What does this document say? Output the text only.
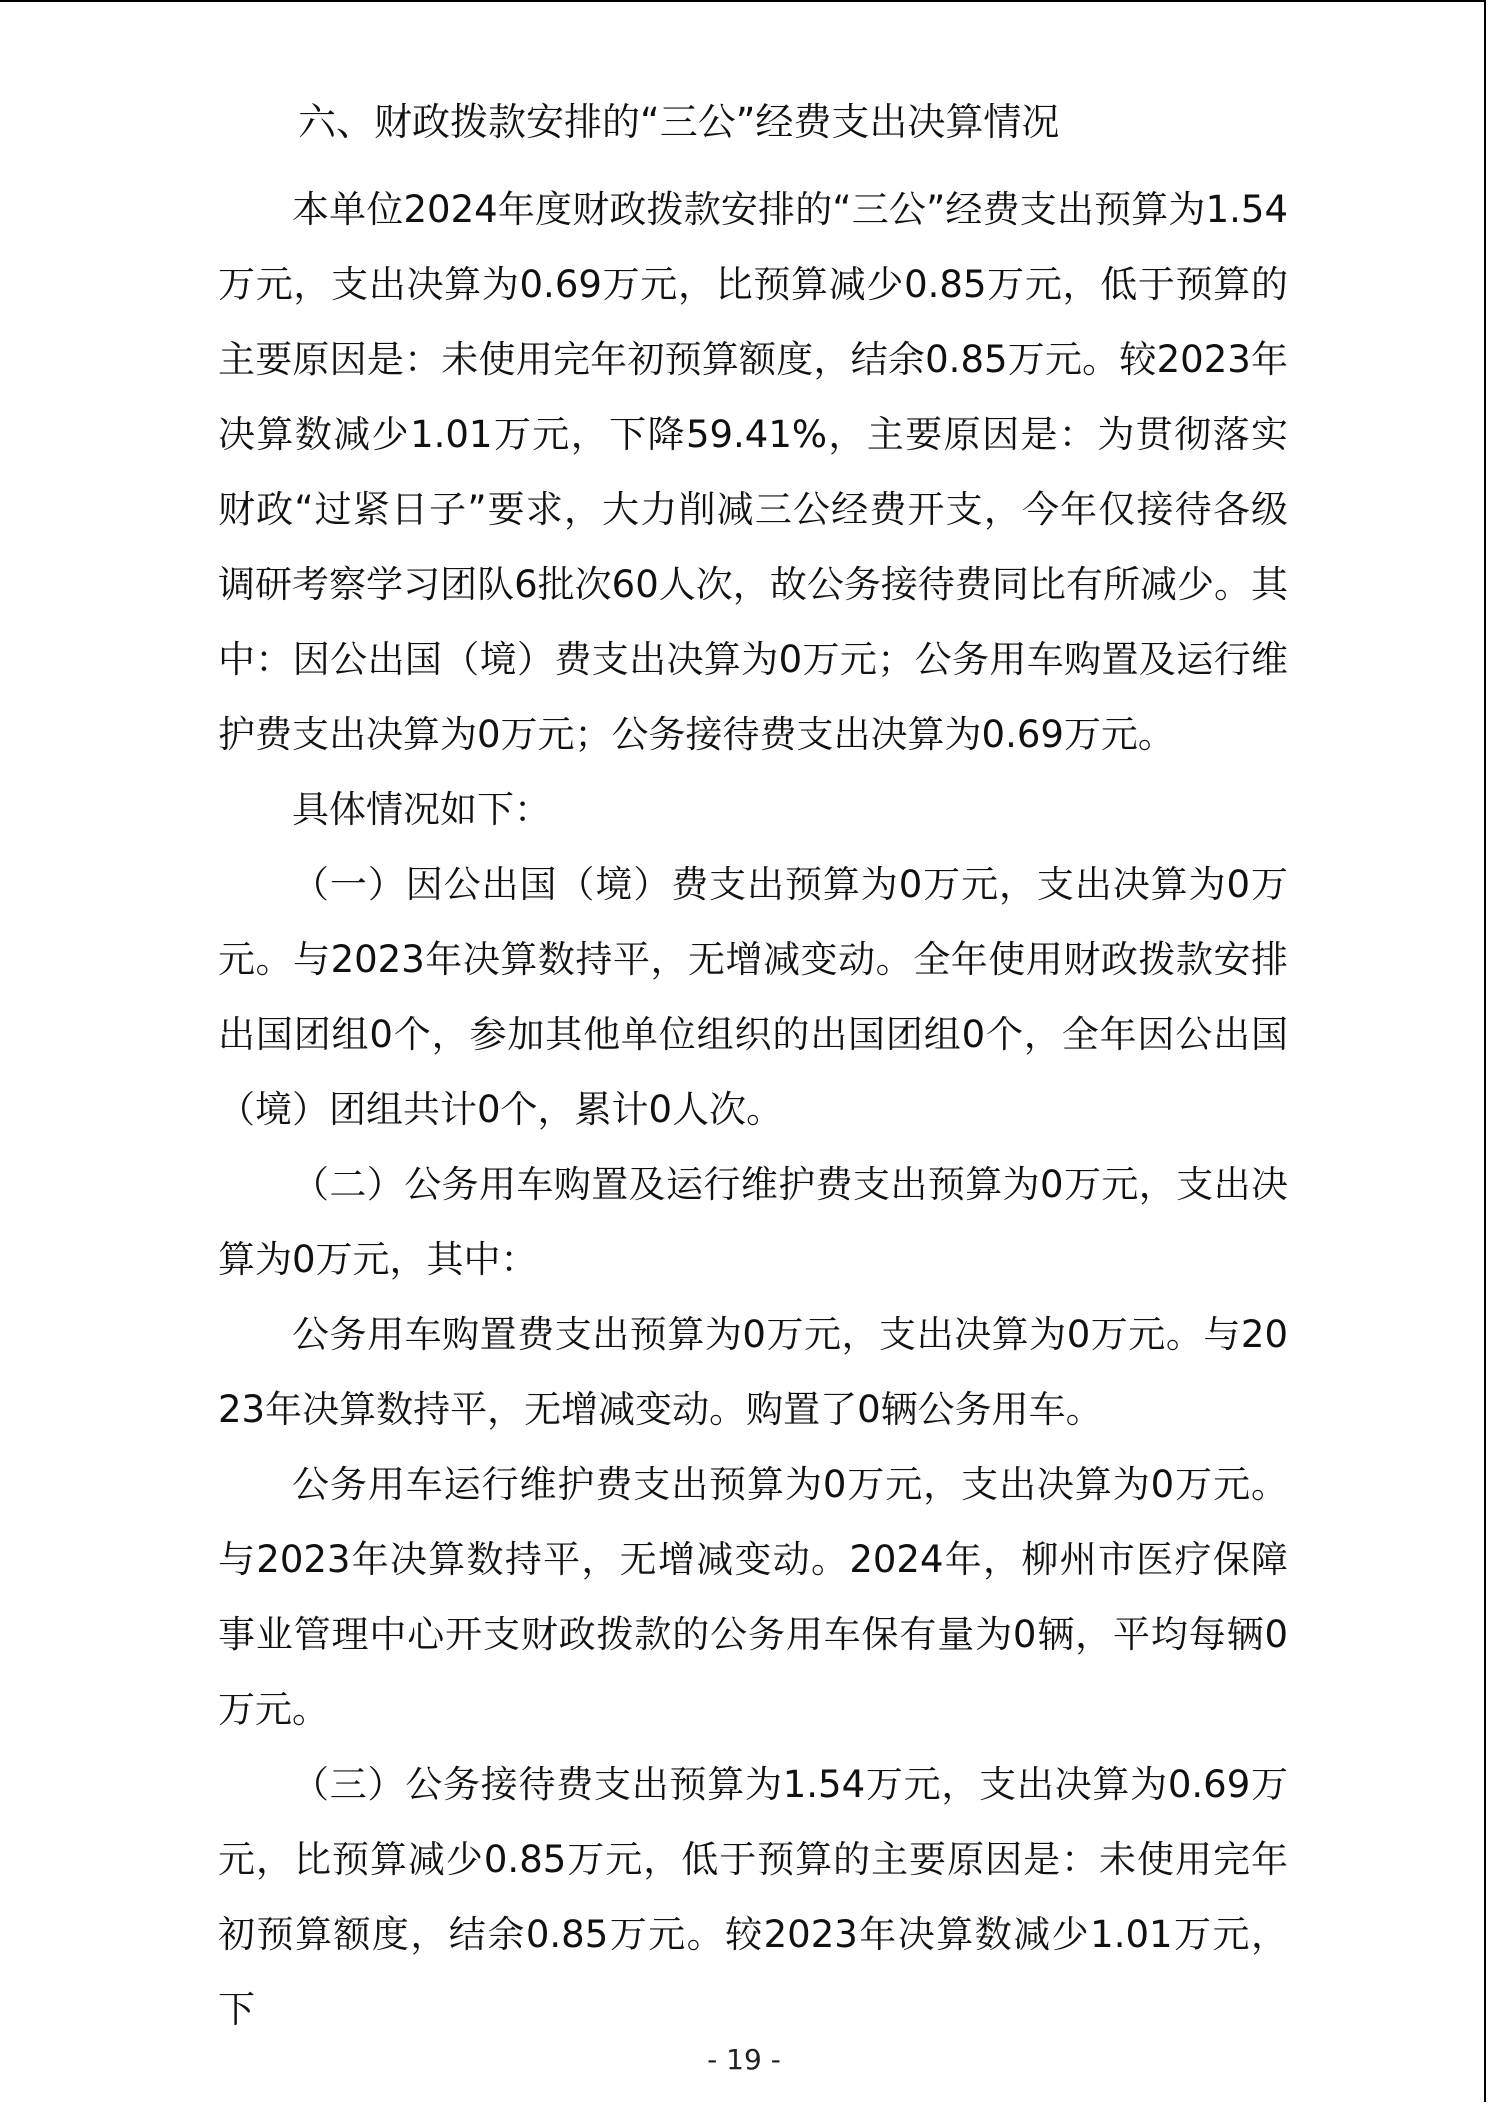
六、财政拨款安排的“三公”经费支出决算情况

本单位2024年度财政拨款安排的“三公”经费支出预算为1.54万元，支出决算为0.69万元，比预算减少0.85万元，低于预算的主要原因是：未使用完年初预算额度，结余0.85万元。较2023年决算数减少1.01万元，下降59.41%，主要原因是：为贯彻落实财政“过紧日子”要求，大力削减三公经费开支，今年仅接待各级调研考察学习团队6批次60人次，故公务接待费同比有所减少。其中：因公出国（境）费支出决算为0万元；公务用车购置及运行维护费支出决算为0万元；公务接待费支出决算为0.69万元。

具体情况如下：

（一）因公出国（境）费支出预算为0万元，支出决算为0万元。与2023年决算数持平，无增减变动。全年使用财政拨款安排出国团组0个，参加其他单位组织的出国团组0个，全年因公出国（境）团组共计0个，累计0人次。

（二）公务用车购置及运行维护费支出预算为0万元，支出决算为0万元，其中：

公务用车购置费支出预算为0万元，支出决算为0万元。与2023年决算数持平，无增减变动。购置了0辆公务用车。

公务用车运行维护费支出预算为0万元，支出决算为0万元。与2023年决算数持平，无增减变动。2024年，柳州市医疗保障事业管理中心开支财政拨款的公务用车保有量为0辆，平均每辆0万元。

（三）公务接待费支出预算为1.54万元，支出决算为0.69万元，比预算减少0.85万元，低于预算的主要原因是：未使用完年初预算额度，结余0.85万元。较2023年决算数减少1.01万元，下

- 19 -
